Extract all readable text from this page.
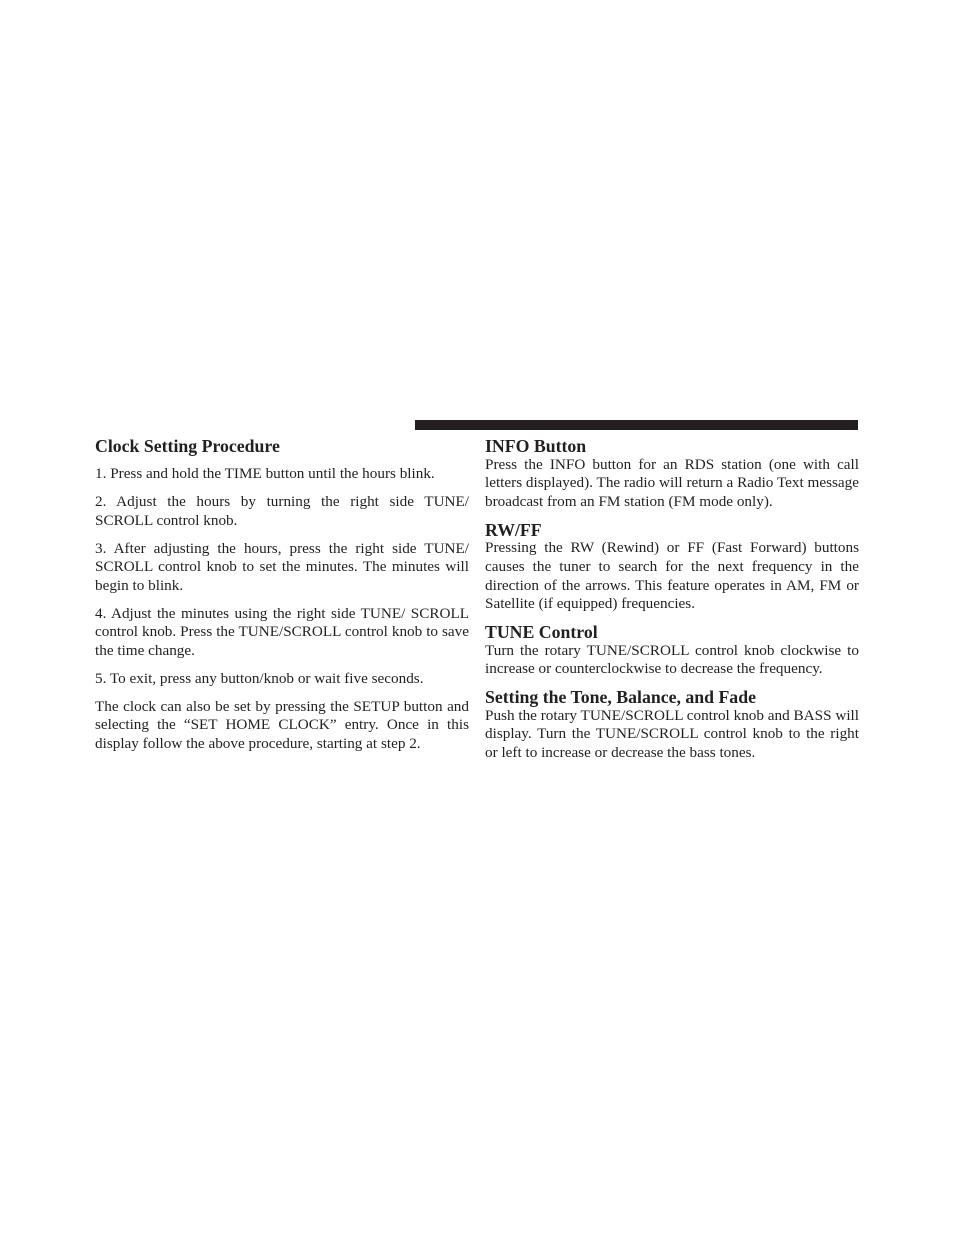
Clock Setting Procedure

1. Press and hold the TIME button until the hours blink.

2. Adjust the hours by turning the right side TUNE/ SCROLL control knob.

3. After adjusting the hours, press the right side TUNE/ SCROLL control knob to set the minutes. The minutes will begin to blink.

4. Adjust the minutes using the right side TUNE/ SCROLL control knob. Press the TUNE/SCROLL control knob to save the time change.

5. To exit, press any button/knob or wait five seconds.

The clock can also be set by pressing the SETUP button and selecting the “SET HOME CLOCK” entry. Once in this display follow the above procedure, starting at step 2.

INFO Button

Press the INFO button for an RDS station (one with call letters displayed). The radio will return a Radio Text message broadcast from an FM station (FM mode only).

RW/FF

Pressing the RW (Rewind) or FF (Fast Forward) buttons causes the tuner to search for the next frequency in the direction of the arrows. This feature operates in AM, FM or Satellite (if equipped) frequencies.

TUNE Control

Turn the rotary TUNE/SCROLL control knob clockwise to increase or counterclockwise to decrease the frequency.

Setting the Tone, Balance, and Fade

Push the rotary TUNE/SCROLL control knob and BASS will display. Turn the TUNE/SCROLL control knob to the right or left to increase or decrease the bass tones.
